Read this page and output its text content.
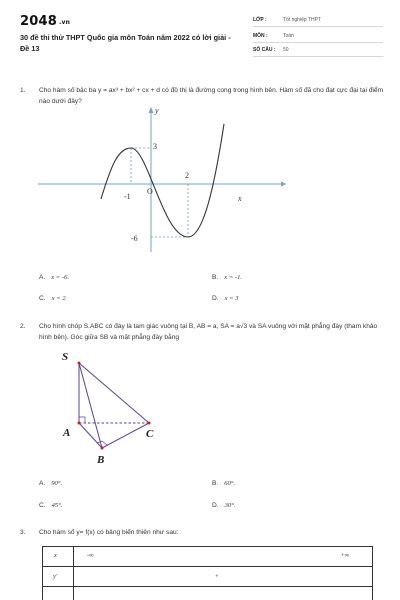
2048 .vn
30 đề thi thử THPT Quốc gia môn Toán năm 2022 có lời giải - Đề 13
LỚP :	Tốt nghiệp THPT
MÔN :	Toán
SỐ CÂU : 50
1. Cho hàm số bậc ba y = ax³ + bx² + cx + d có đồ thị là đường cong trong hình bên. Hàm số đã cho đạt cực đại tại điểm nào dưới đây?
y
x
O
3
-1
2
-6
A. x = -6.	B. x = -1.
C. x = 2	D. x = 3
2. Cho hình chóp S.ABC có đáy là tam giác vuông tại B, AB = a, SA = a√3 và SA vuông với mặt phẳng đáy (tham khảo hình bên). Góc giữa SB và mặt phẳng đáy bằng
S
A
B
C
A. 90°.	B. 60°.
C. 45°.	D. 30°.
3. Cho hàm số y= f(x) có bảng biến thiên như sau:
x	-∞	+∞
y'	+
